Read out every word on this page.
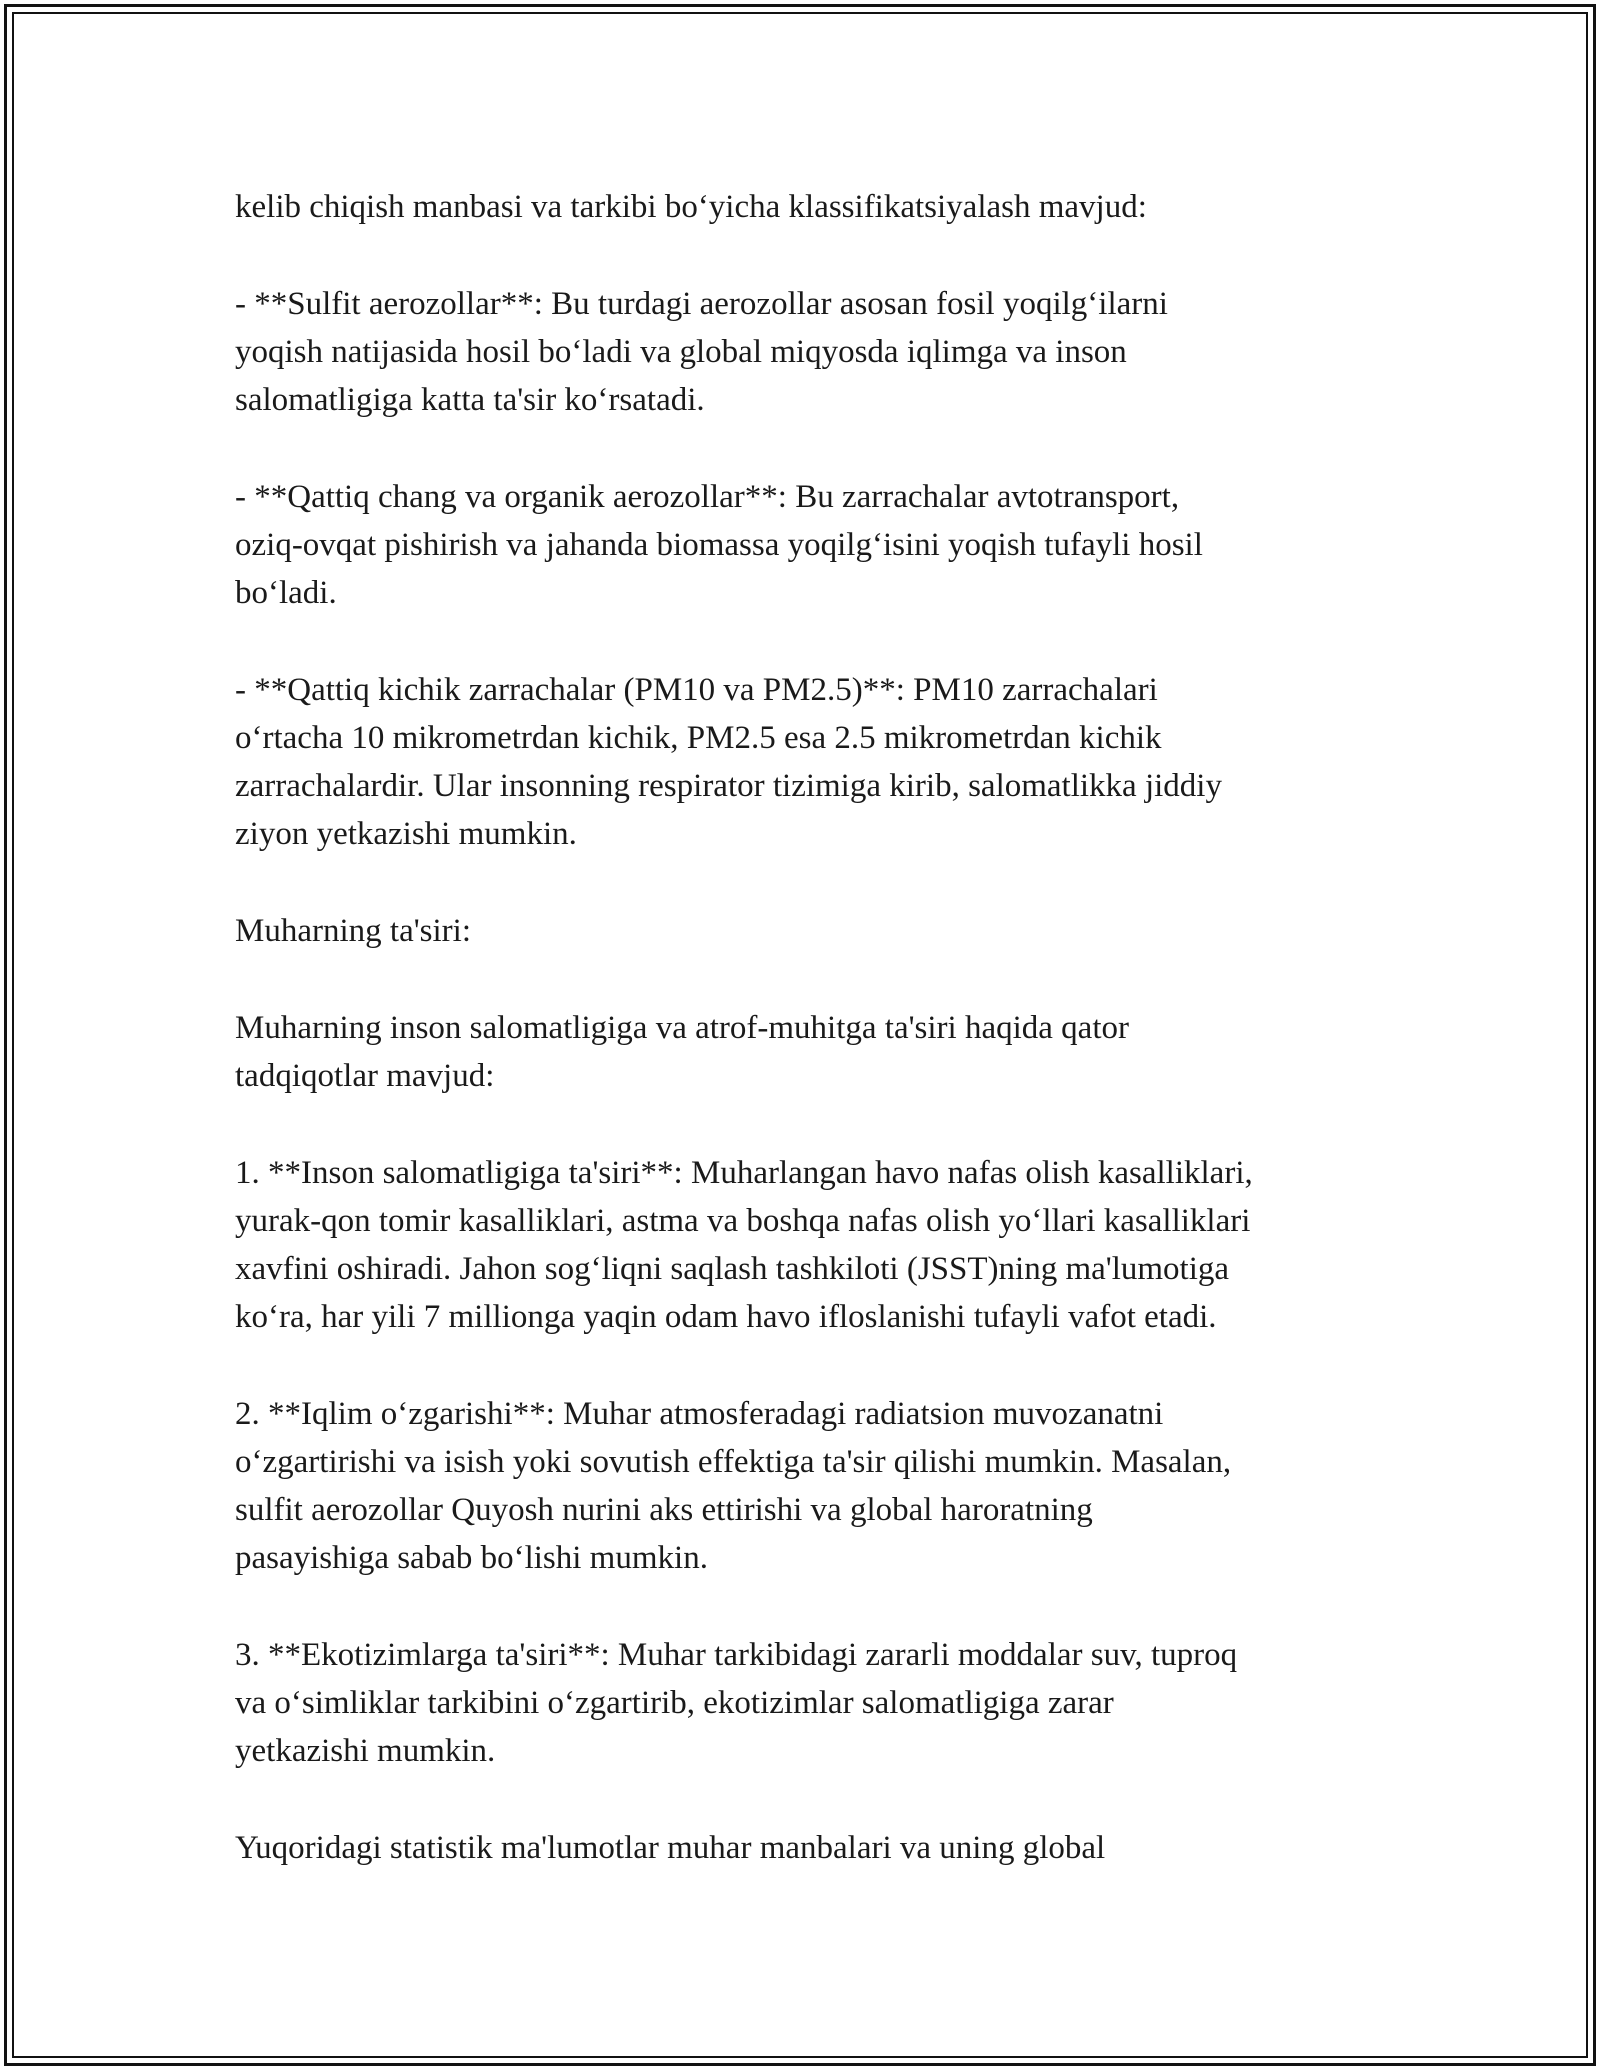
kelib chiqish manbasi va tarkibi bo‘yicha klassifikatsiyalash mavjud:

- **Sulfit aerozollar**: Bu turdagi aerozollar asosan fosil yoqilg‘ilarni
yoqish natijasida hosil bo‘ladi va global miqyosda iqlimga va inson
salomatligiga katta ta'sir ko‘rsatadi.

- **Qattiq chang va organik aerozollar**: Bu zarrachalar avtotransport,
oziq-ovqat pishirish va jahanda biomassa yoqilg‘isini yoqish tufayli hosil
bo‘ladi.

- **Qattiq kichik zarrachalar (PM10 va PM2.5)**: PM10 zarrachalari
o‘rtacha 10 mikrometrdan kichik, PM2.5 esa 2.5 mikrometrdan kichik
zarrachalardir. Ular insonning respirator tizimiga kirib, salomatlikka jiddiy
ziyon yetkazishi mumkin.

Muharning ta'siri:

Muharning inson salomatligiga va atrof-muhitga ta'siri haqida qator
tadqiqotlar mavjud:

1. **Inson salomatligiga ta'siri**: Muharlangan havo nafas olish kasalliklari,
yurak-qon tomir kasalliklari, astma va boshqa nafas olish yo‘llari kasalliklari
xavfini oshiradi. Jahon sog‘liqni saqlash tashkiloti (JSST)ning ma'lumotiga
ko‘ra, har yili 7 millionga yaqin odam havo ifloslanishi tufayli vafot etadi.

2. **Iqlim o‘zgarishi**: Muhar atmosferadagi radiatsion muvozanatni
o‘zgartirishi va isish yoki sovutish effektiga ta'sir qilishi mumkin. Masalan,
sulfit aerozollar Quyosh nurini aks ettirishi va global haroratning
pasayishiga sabab bo‘lishi mumkin.

3. **Ekotizimlarga ta'siri**: Muhar tarkibidagi zararli moddalar suv, tuproq
va o‘simliklar tarkibini o‘zgartirib, ekotizimlar salomatligiga zarar
yetkazishi mumkin.

Yuqoridagi statistik ma'lumotlar muhar manbalari va uning global
